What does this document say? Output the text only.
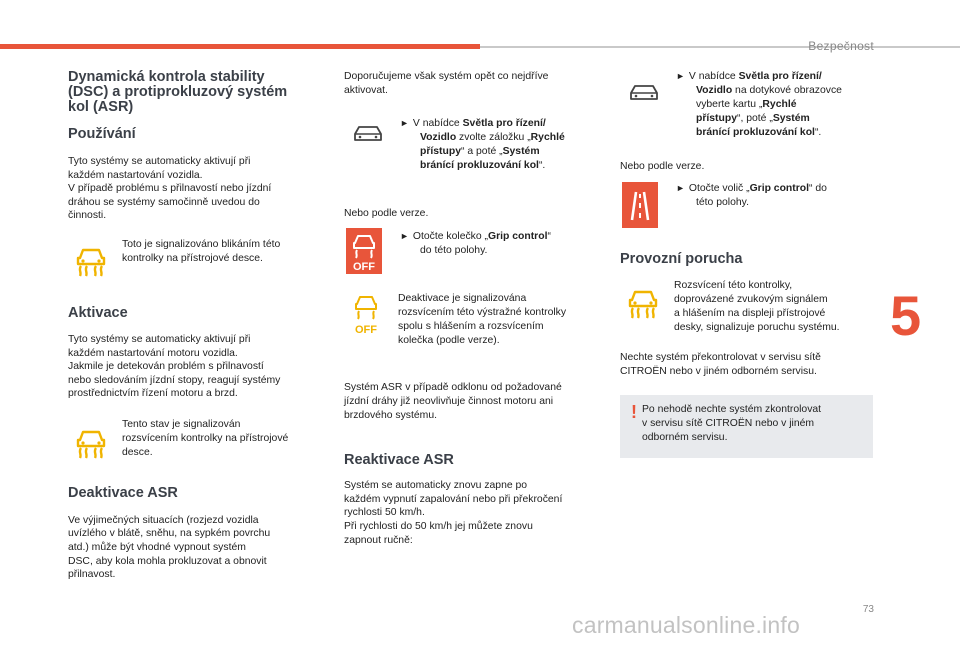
Bezpečnost
5
73
carmanualsonline.info
Dynamická kontrola stability
(DSC) a protiprokluzový systém
kol (ASR)
Používání

Tyto systémy se automaticky aktivují při

každém nastartování vozidla.

V případě problému s přilnavostí nebo jízdní

dráhou se systémy samočinně uvedou do

činnosti.

Toto je signalizováno blikáním této

kontrolky na přístrojové desce.

Aktivace

Tyto systémy se automaticky aktivují při

každém nastartování motoru vozidla.

Jakmile je detekován problém s přilnavostí

nebo sledováním jízdní stopy, reagují systémy

prostřednictvím řízení motoru a brzd.

Tento stav je signalizován

rozsvícením kontrolky na přístrojové

desce.

Deaktivace ASR

Ve výjimečných situacích (rozjezd vozidla

uvízlého v blátě, sněhu, na sypkém povrchu

atd.) může být vhodné vypnout systém

DSC, aby kola mohla prokluzovat a obnovit

přilnavost.

Doporučujeme však systém opět co nejdříve

aktivovat.

► V nabídce Světla pro řízení/

Vozidlo zvolte záložku „Rychlé

přístupy“ a poté „Systém

bránící prokluzování kol“.

Nebo podle verze.

OFF

► Otočte kolečko „Grip control“

do této polohy.

OFF

Deaktivace je signalizována

rozsvícením této výstražné kontrolky

spolu s hlášením a rozsvícením

kolečka (podle verze).

Systém ASR v případě odklonu od požadované

jízdní dráhy již neovlivňuje činnost motoru ani

brzdového systému.

Reaktivace ASR

Systém se automaticky znovu zapne po

každém vypnutí zapalování nebo při překročení

rychlosti 50 km/h.

Při rychlosti do 50 km/h jej můžete znovu

zapnout ručně:

► V nabídce Světla pro řízení/

Vozidlo na dotykové obrazovce

vyberte kartu „Rychlé

přístupy“, poté „Systém

bránící prokluzování kol“.

Nebo podle verze.

► Otočte volič „Grip control“ do

této polohy.

Provozní porucha

Rozsvícení této kontrolky,

doprovázené zvukovým signálem

a hlášením na displeji přístrojové

desky, signalizuje poruchu systému.

Nechte systém překontrolovat v servisu sítě

CITROËN nebo v jiném odborném servisu.

! Po nehodě nechte systém zkontrolovat

v servisu sítě CITROËN nebo v jiném

odborném servisu.
